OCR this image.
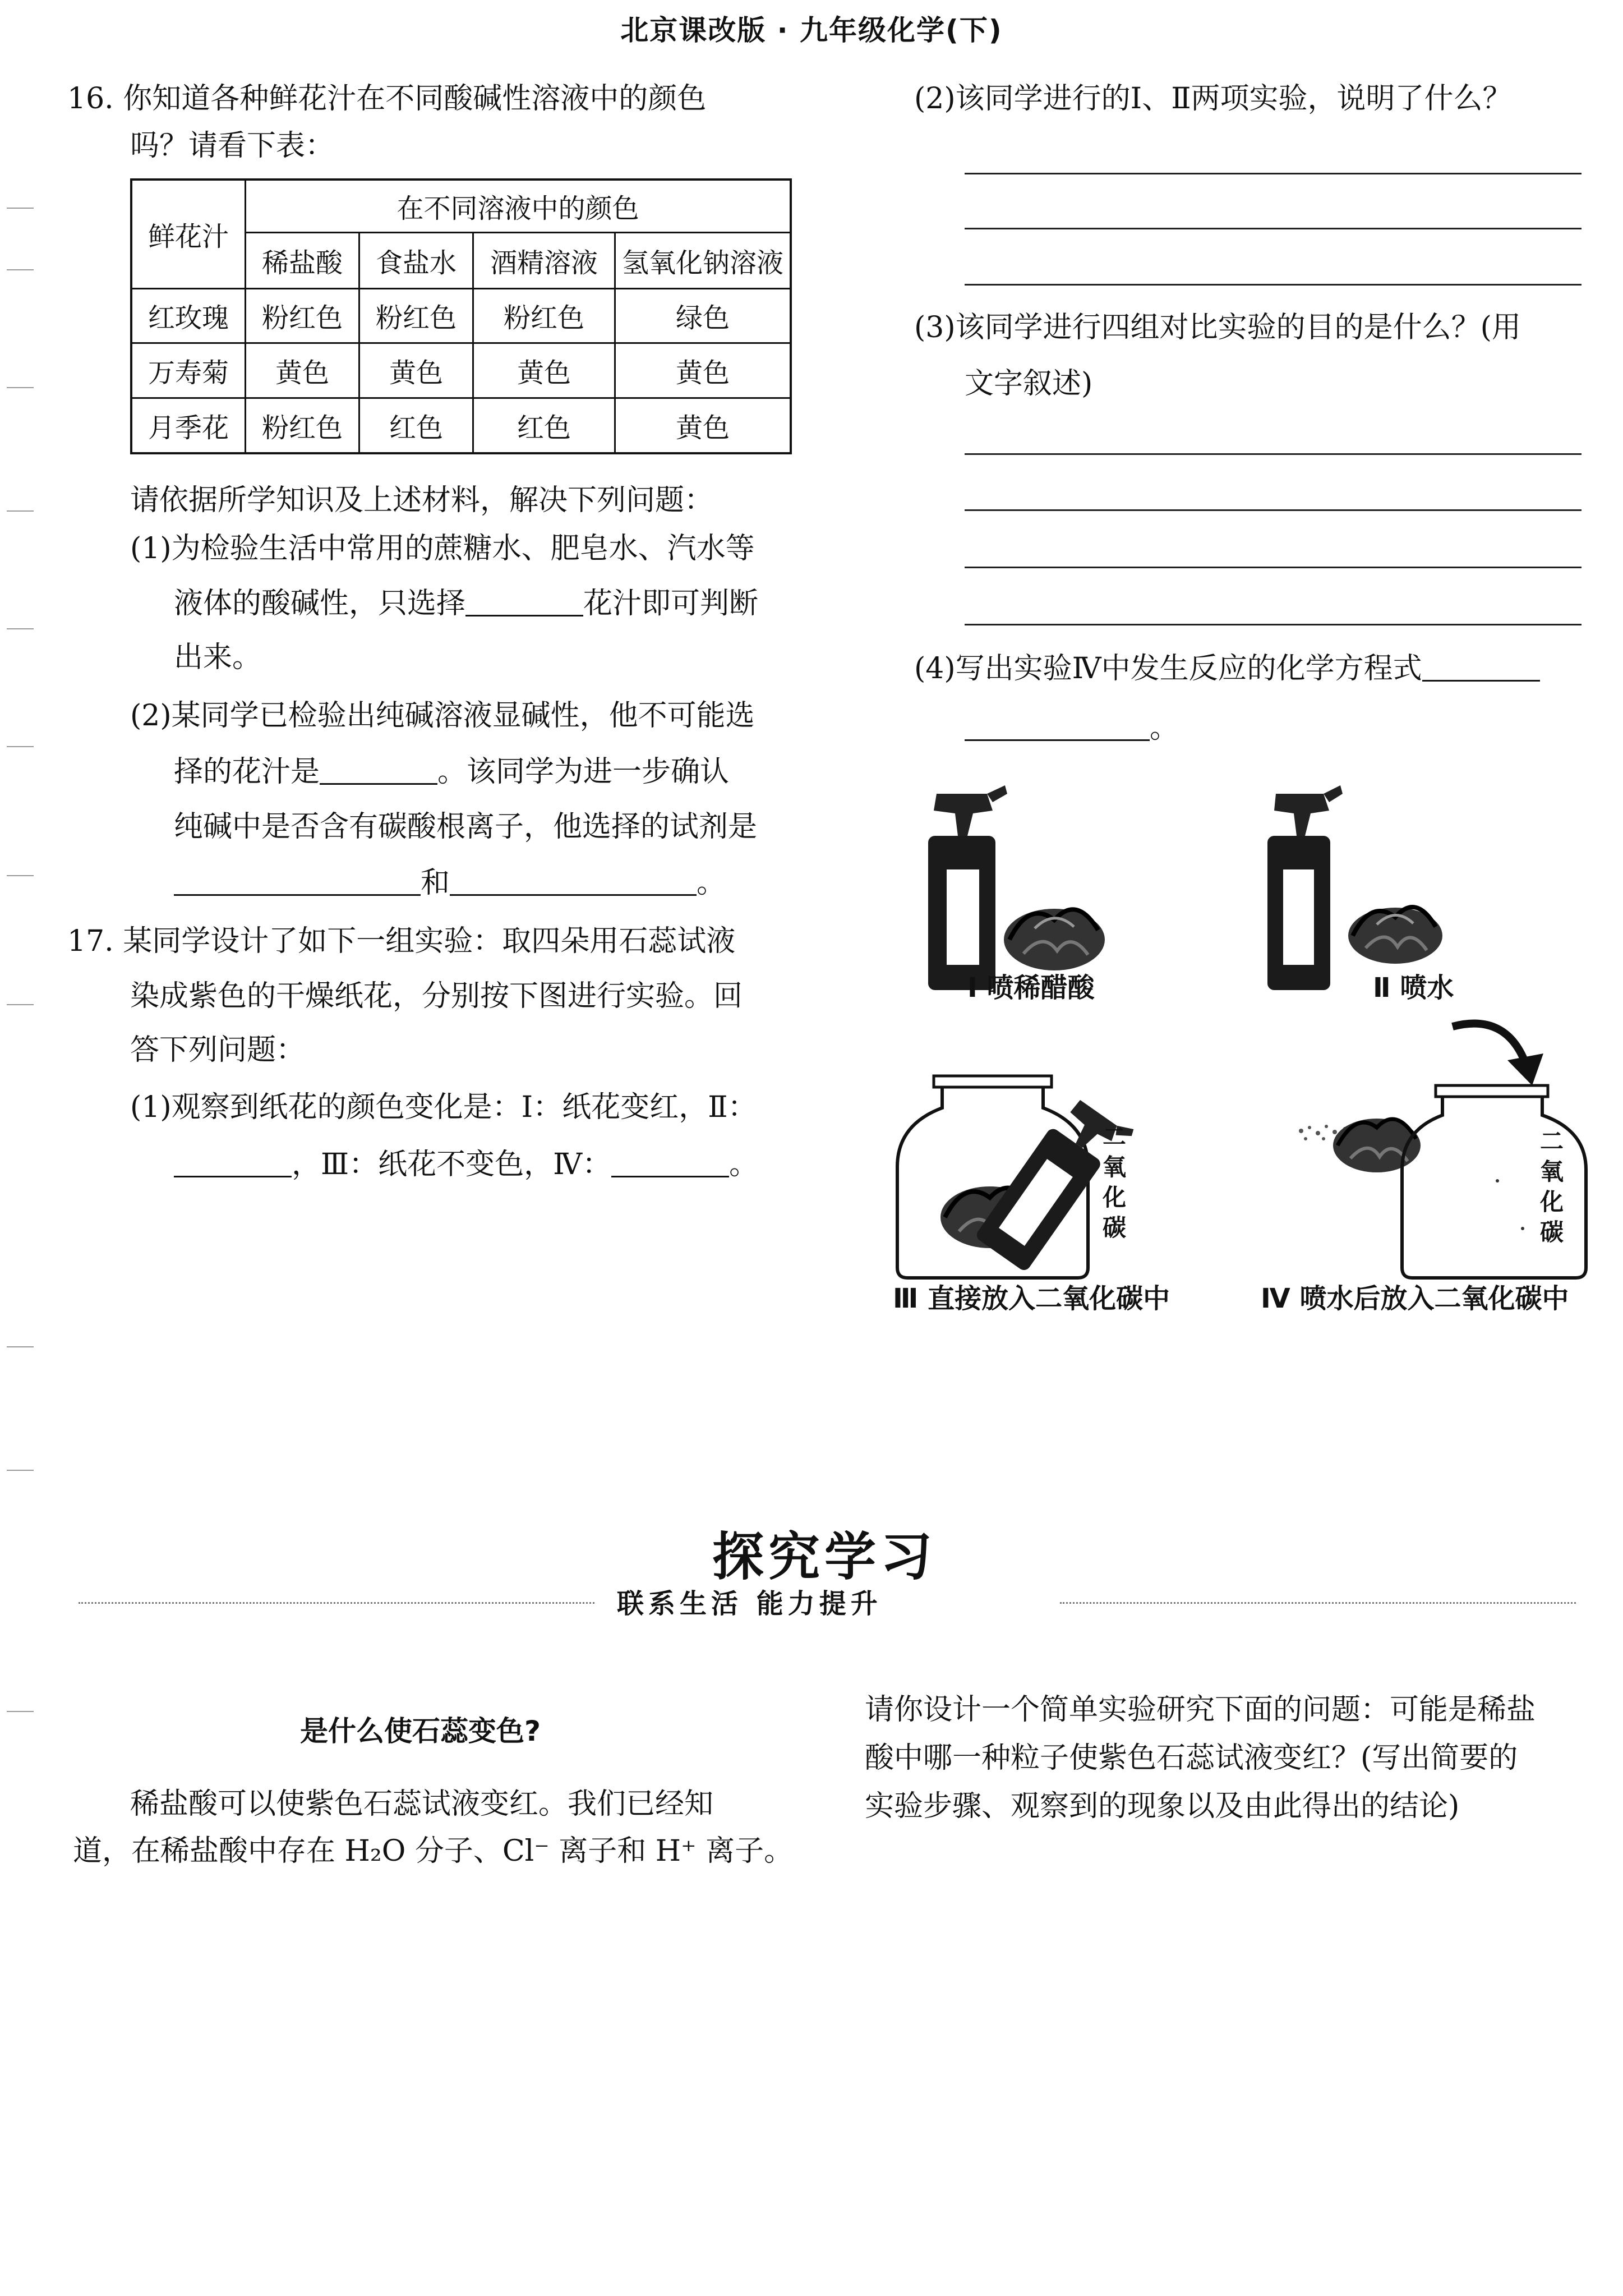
北京课改版 · 九年级化学(下)
16. 你知道各种鲜花汁在不同酸碱性溶液中的颜色
吗？请看下表：
鲜花汁	在不同溶液中的颜色			
	稀盐酸	食盐水	酒精溶液	氢氧化钠溶液
红玫瑰	粉红色	粉红色	粉红色	绿色
万寿菊	黄色	黄色	黄色	黄色
月季花	粉红色	红色	红色	黄色
请依据所学知识及上述材料，解决下列问题：
(1)为检验生活中常用的蔗糖水、肥皂水、汽水等
液体的酸碱性，只选择	花汁即可判断
出来。
(2)某同学已检验出纯碱溶液显碱性，他不可能选
择的花汁是	。该同学为进一步确认
纯碱中是否含有碳酸根离子，他选择的试剂是
和	。
17. 某同学设计了如下一组实验：取四朵用石蕊试液
染成紫色的干燥纸花，分别按下图进行实验。回
答下列问题：
(1)观察到纸花的颜色变化是：Ⅰ：纸花变红，Ⅱ：
，Ⅲ：纸花不变色，Ⅳ：	。
(2)该同学进行的Ⅰ、Ⅱ两项实验，说明了什么？
(3)该同学进行四组对比实验的目的是什么？(用
文字叙述)
(4)写出实验Ⅳ中发生反应的化学方程式
。
Ⅰ 喷稀醋酸	Ⅱ 喷水
Ⅲ 直接放入二氧化碳中	Ⅳ 喷水后放入二氧化碳中
二
氧
化
碳
二
氧
化
碳
探究学习
联系生活 能力提升
是什么使石蕊变色?
稀盐酸可以使紫色石蕊试液变红。我们已经知
道，在稀盐酸中存在 H₂O 分子、Cl⁻ 离子和 H⁺ 离子。
请你设计一个简单实验研究下面的问题：可能是稀盐
酸中哪一种粒子使紫色石蕊试液变红？(写出简要的
实验步骤、观察到的现象以及由此得出的结论)
